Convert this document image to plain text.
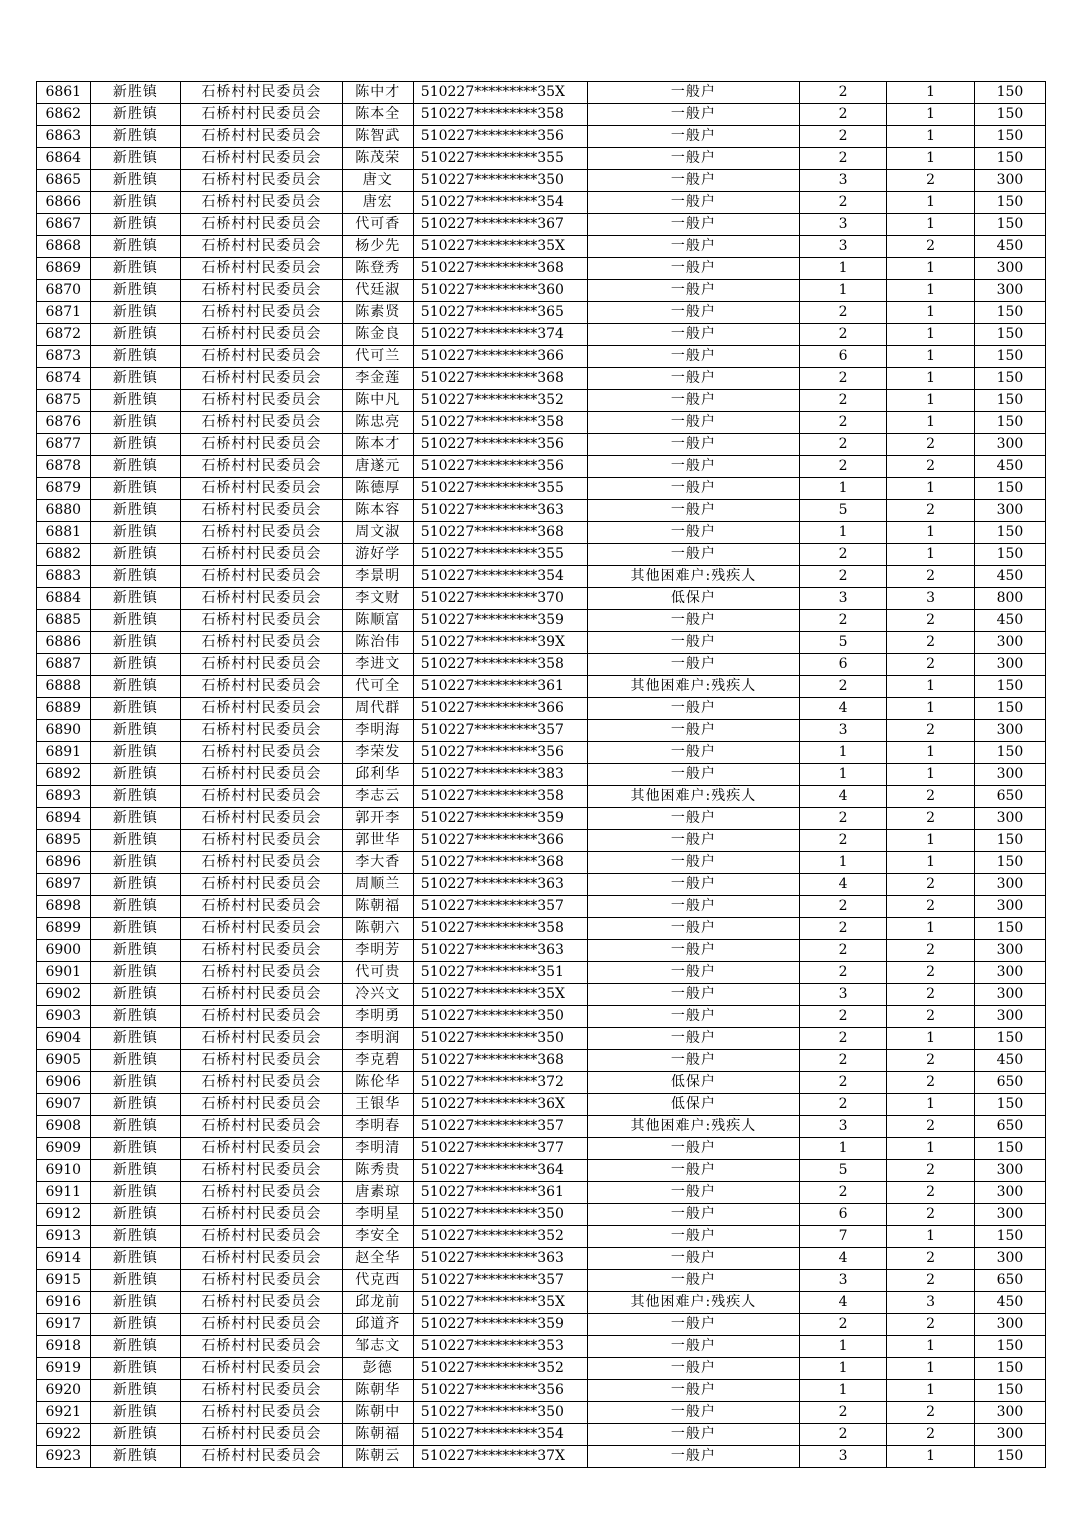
6861	新胜镇	石桥村村民委员会	陈中才	510227*********35X	一般户	2	1	150
6862	新胜镇	石桥村村民委员会	陈本全	510227*********358	一般户	2	1	150
6863	新胜镇	石桥村村民委员会	陈智武	510227*********356	一般户	2	1	150
6864	新胜镇	石桥村村民委员会	陈茂荣	510227*********355	一般户	2	1	150
6865	新胜镇	石桥村村民委员会	唐文	510227*********350	一般户	3	2	300
6866	新胜镇	石桥村村民委员会	唐宏	510227*********354	一般户	2	1	150
6867	新胜镇	石桥村村民委员会	代可香	510227*********367	一般户	3	1	150
6868	新胜镇	石桥村村民委员会	杨少先	510227*********35X	一般户	3	2	450
6869	新胜镇	石桥村村民委员会	陈登秀	510227*********368	一般户	1	1	300
6870	新胜镇	石桥村村民委员会	代廷淑	510227*********360	一般户	1	1	300
6871	新胜镇	石桥村村民委员会	陈素贤	510227*********365	一般户	2	1	150
6872	新胜镇	石桥村村民委员会	陈金良	510227*********374	一般户	2	1	150
6873	新胜镇	石桥村村民委员会	代可兰	510227*********366	一般户	6	1	150
6874	新胜镇	石桥村村民委员会	李金莲	510227*********368	一般户	2	1	150
6875	新胜镇	石桥村村民委员会	陈中凡	510227*********352	一般户	2	1	150
6876	新胜镇	石桥村村民委员会	陈忠亮	510227*********358	一般户	2	1	150
6877	新胜镇	石桥村村民委员会	陈本才	510227*********356	一般户	2	2	300
6878	新胜镇	石桥村村民委员会	唐遂元	510227*********356	一般户	2	2	450
6879	新胜镇	石桥村村民委员会	陈德厚	510227*********355	一般户	1	1	150
6880	新胜镇	石桥村村民委员会	陈本容	510227*********363	一般户	5	2	300
6881	新胜镇	石桥村村民委员会	周文淑	510227*********368	一般户	1	1	150
6882	新胜镇	石桥村村民委员会	游好学	510227*********355	一般户	2	1	150
6883	新胜镇	石桥村村民委员会	李景明	510227*********354	其他困难户:残疾人	2	2	450
6884	新胜镇	石桥村村民委员会	李文财	510227*********370	低保户	3	3	800
6885	新胜镇	石桥村村民委员会	陈顺富	510227*********359	一般户	2	2	450
6886	新胜镇	石桥村村民委员会	陈治伟	510227*********39X	一般户	5	2	300
6887	新胜镇	石桥村村民委员会	李进文	510227*********358	一般户	6	2	300
6888	新胜镇	石桥村村民委员会	代可全	510227*********361	其他困难户:残疾人	2	1	150
6889	新胜镇	石桥村村民委员会	周代群	510227*********366	一般户	4	1	150
6890	新胜镇	石桥村村民委员会	李明海	510227*********357	一般户	3	2	300
6891	新胜镇	石桥村村民委员会	李荣发	510227*********356	一般户	1	1	150
6892	新胜镇	石桥村村民委员会	邱利华	510227*********383	一般户	1	1	300
6893	新胜镇	石桥村村民委员会	李志云	510227*********358	其他困难户:残疾人	4	2	650
6894	新胜镇	石桥村村民委员会	郭开李	510227*********359	一般户	2	2	300
6895	新胜镇	石桥村村民委员会	郭世华	510227*********366	一般户	2	1	150
6896	新胜镇	石桥村村民委员会	李大香	510227*********368	一般户	1	1	150
6897	新胜镇	石桥村村民委员会	周顺兰	510227*********363	一般户	4	2	300
6898	新胜镇	石桥村村民委员会	陈朝福	510227*********357	一般户	2	2	300
6899	新胜镇	石桥村村民委员会	陈朝六	510227*********358	一般户	2	1	150
6900	新胜镇	石桥村村民委员会	李明芳	510227*********363	一般户	2	2	300
6901	新胜镇	石桥村村民委员会	代可贵	510227*********351	一般户	2	2	300
6902	新胜镇	石桥村村民委员会	冷兴文	510227*********35X	一般户	3	2	300
6903	新胜镇	石桥村村民委员会	李明勇	510227*********350	一般户	2	2	300
6904	新胜镇	石桥村村民委员会	李明润	510227*********350	一般户	2	1	150
6905	新胜镇	石桥村村民委员会	李克碧	510227*********368	一般户	2	2	450
6906	新胜镇	石桥村村民委员会	陈伦华	510227*********372	低保户	2	2	650
6907	新胜镇	石桥村村民委员会	王银华	510227*********36X	低保户	2	1	150
6908	新胜镇	石桥村村民委员会	李明春	510227*********357	其他困难户:残疾人	3	2	650
6909	新胜镇	石桥村村民委员会	李明清	510227*********377	一般户	1	1	150
6910	新胜镇	石桥村村民委员会	陈秀贵	510227*********364	一般户	5	2	300
6911	新胜镇	石桥村村民委员会	唐素琼	510227*********361	一般户	2	2	300
6912	新胜镇	石桥村村民委员会	李明星	510227*********350	一般户	6	2	300
6913	新胜镇	石桥村村民委员会	李安全	510227*********352	一般户	7	1	150
6914	新胜镇	石桥村村民委员会	赵全华	510227*********363	一般户	4	2	300
6915	新胜镇	石桥村村民委员会	代克西	510227*********357	一般户	3	2	650
6916	新胜镇	石桥村村民委员会	邱龙前	510227*********35X	其他困难户:残疾人	4	3	450
6917	新胜镇	石桥村村民委员会	邱道齐	510227*********359	一般户	2	2	300
6918	新胜镇	石桥村村民委员会	邹志文	510227*********353	一般户	1	1	150
6919	新胜镇	石桥村村民委员会	彭德	510227*********352	一般户	1	1	150
6920	新胜镇	石桥村村民委员会	陈朝华	510227*********356	一般户	1	1	150
6921	新胜镇	石桥村村民委员会	陈朝中	510227*********350	一般户	2	2	300
6922	新胜镇	石桥村村民委员会	陈朝福	510227*********354	一般户	2	2	300
6923	新胜镇	石桥村村民委员会	陈朝云	510227*********37X	一般户	3	1	150
